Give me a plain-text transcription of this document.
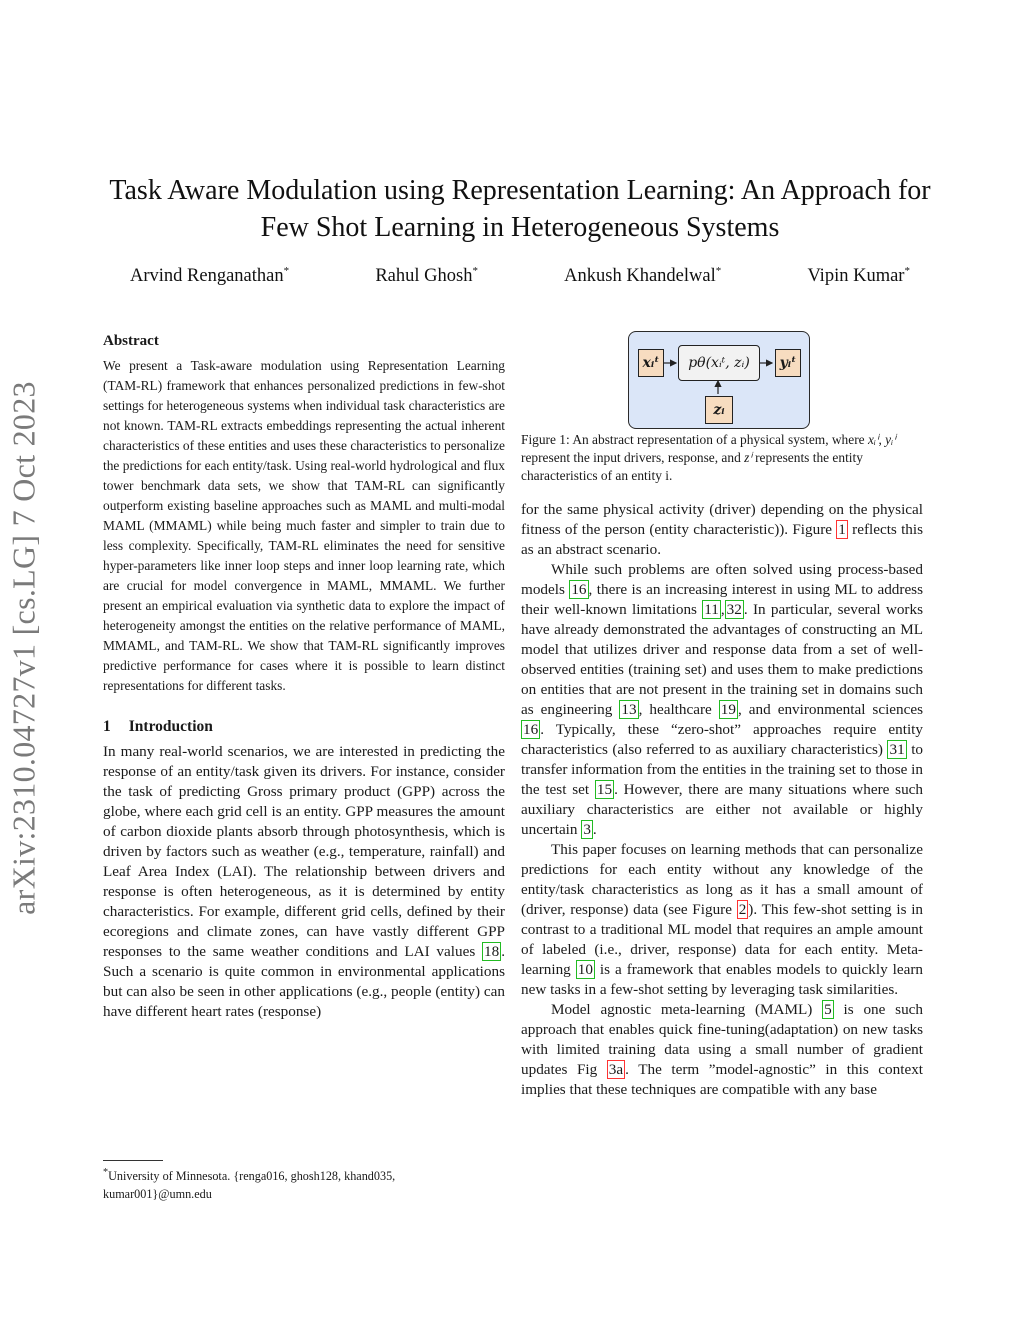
arXiv:2310.04727v1 [cs.LG] 7 Oct 2023
Task Aware Modulation using Representation Learning: An Approach for Few Shot Learning in Heterogeneous Systems
Arvind Renganathan*	Rahul Ghosh*	Ankush Khandelwal*	Vipin Kumar*
Abstract

We present a Task-aware modulation using Representation Learning (TAM-RL) framework that enhances personalized predictions in few-shot settings for heterogeneous systems when individual task characteristics are not known. TAM-RL extracts embeddings representing the actual inherent characteristics of these entities and uses these characteristics to personalize the predictions for each entity/task. Using real-world hydrological and flux tower benchmark data sets, we show that TAM-RL can significantly outperform existing baseline approaches such as MAML and multi-modal MAML (MMAML) while being much faster and simpler to train due to less complexity. Specifically, TAM-RL eliminates the need for sensitive hyper-parameters like inner loop steps and inner loop learning rate, which are crucial for model convergence in MAML, MMAML. We further present an empirical evaluation via synthetic data to explore the impact of heterogeneity amongst the entities on the relative performance of MAML, MMAML, and TAM-RL. We show that TAM-RL significantly improves predictive performance for cases where it is possible to learn distinct representations for different tasks.

1 Introduction

In many real-world scenarios, we are interested in predicting the response of an entity/task given its drivers. For instance, consider the task of predicting Gross primary product (GPP) across the globe, where each grid cell is an entity. GPP measures the amount of carbon dioxide plants absorb through photosynthesis, which is driven by factors such as weather (e.g., temperature, rainfall) and Leaf Area Index (LAI). The relationship between drivers and response is often heterogeneous, as it is determined by entity characteristics. For example, different grid cells, defined by their ecoregions and climate zones, can have vastly different GPP responses to the same weather conditions and LAI values 18 . Such a scenario is quite common in environmental applications but can also be seen in other applications (e.g., people (entity) can have different heart rates (response)

*University of Minnesota. {renga016, ghosh128, khand035, kumar001}@umn.edu
xᵢᵗ	pθ(xᵢᵗ, zᵢ)	yᵢᵗ
zᵢ
Figure 1: An abstract representation of a physical system, where xᵢⁱ, yᵢⁱ represent the input drivers, response, and zⁱ represents the entity characteristics of an entity i.

for the same physical activity (driver) depending on the physical fitness of the person (entity characteristic)). Figure 1 reflects this as an abstract scenario.

While such problems are often solved using process-based models 16 , there is an increasing interest in using ML to address their well-known limitations 11 , 32 . In particular, several works have already demonstrated the advantages of constructing an ML model that utilizes driver and response data from a set of well-observed entities (training set) and uses them to make predictions on entities that are not present in the training set in domains such as engineering 13 , healthcare 19 , and environmental sciences 16 . Typically, these “zero-shot” approaches require entity characteristics (also referred to as auxiliary characteristics) 31 to transfer information from the entities in the training set to those in the test set 15 . However, there are many situations where such auxiliary characteristics are either not available or highly uncertain 3 .

This paper focuses on learning methods that can personalize predictions for each entity without any knowledge of the entity/task characteristics as long as it has a small amount of (driver, response) data (see Figure 2 ). This few-shot setting is in contrast to a traditional ML model that requires an ample amount of labeled (i.e., driver, response) data for each entity. Meta-learning 10 is a framework that enables models to quickly learn new tasks in a few-shot setting by leveraging task similarities.

Model agnostic meta-learning (MAML) 5 is one such approach that enables quick fine-tuning(adaptation) on new tasks with limited training data using a small number of gradient updates Fig 3a . The term ”model-agnostic” in this context implies that these techniques are compatible with any base
